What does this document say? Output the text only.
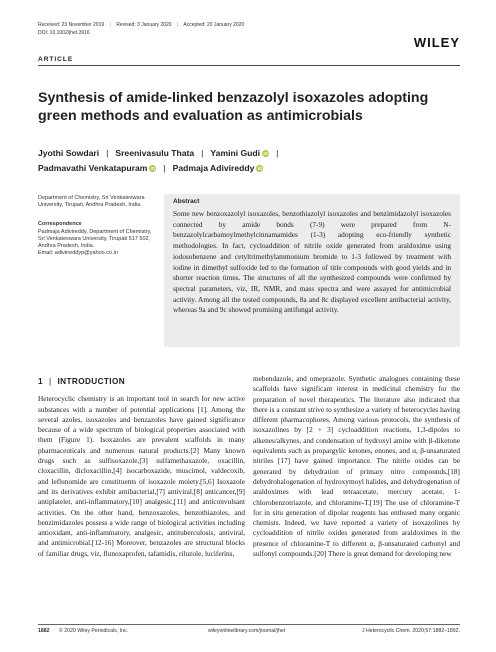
Received: 23 November 2019 | Revised: 3 January 2020 | Accepted: 20 January 2020
DOI: 10.1002/jhet.3916
WILEY
ARTICLE
Synthesis of amide-linked benzazolyl isoxazoles adopting green methods and evaluation as antimicrobials
Jyothi Sowdari | Sreenivasulu Thata | Yamini Gudi iD |
Padmavathi Venkatapuram iD | Padmaja Adivireddy iD
Department of Chemistry, Sri Venkateswara University, Tirupati, Andhra Pradesh, India
Correspondence
Padmaja Adivireddy, Department of Chemistry, Sri Venkateswara University, Tirupati 517 502, Andhra Pradesh, India.
Email: adiviireddyp@yahoo.co.in
Abstract

Some new benzoxazolyl isoxazoles, benzothiazolyl isoxazoles and benzimidazolyl isoxazoles connected by amide bonds (7-9) were prepared from N-benzazolylcarbamoylmethylcinnamamides (1-3) adopting eco-friendly synthetic methodologies. In fact, cycloaddition of nitrile oxide generated from araldoxime using iodosobenzene and cetyltrimethylammonium bromide to 1-3 followed by treatment with iodine in dimethyl sulfoxide led to the formation of title compounds with good yields and in shorter reaction times. The structures of all the synthesized compounds were confirmed by spectral parameters, viz, IR, NMR, and mass spectra and were assayed for antimicrobial activity. Among all the tested compounds, 8a and 8c displayed excellent antibacterial activity, whereas 9a and 9c showed promising antifungal activity.

1 | INTRODUCTION

Heterocyclic chemistry is an important tool in search for new active substances with a number of potential applications [1]. Among the several azoles, isoxazoles and benzazoles have gained significance because of a wide spectrum of biological properties associated with them (Figure 1). Isoxazoles are prevalent scaffolds in many pharmaceuticals and numerous natural products.[2] Many known drugs such as sulfisoxazole,[3] sulfamethaxazole, oxacillin, cloxacillin, dicloxacillin,[4] isocarboxazide, muscimol, valdecoxib, and leflunomide are constituents of isoxazole moiety.[5,6] Isoxazole and its derivatives exhibit antibacterial,[7] antiviral,[8] anticancer,[9] antiplatelet, anti-inflammatory,[10] analgesic,[11] and anticonvulsant activities. On the other hand, benzoxazoles, benzothiazoles, and benzimidazoles possess a wide range of biological activities including antioxidant, anti-inflammatory, analgesic, antituberculosis, antiviral, and antimicrobial.[12-16] Moreover, benzazoles are structural blocks of familiar drugs, viz, flunoxaprofen, tafamidis, riluzole, luciferins,

mebendazole, and omeprazole. Synthetic analogues containing these scaffolds have significant interest in medicinal chemistry for the preparation of novel therapeutics. The literature also indicated that there is a constant strive to synthesize a variety of heterocycles having different pharmacophores. Among various protocols, the synthesis of isoxazolines by [2 + 3] cycloaddition reactions, 1,3-dipoles to alkenes/alkynes, and condensation of hydroxyl amine with β-diketone equivalents such as propargylic ketones, enones, and α, β-unsaturated nitriles [17] have gained importance. The nitrile oxides can be generated by dehydration of primary nitro compounds,[18] dehydrohalogenation of hydroxymoyl halides, and dehydrogenation of araldoximes with lead tetraacetate, mercury acetate, 1-chlorobenzotriazole, and chloramine-T.[19] The use of chloramine-T for in situ generation of dipolar reagents has enthused many organic chemists. Indeed, we have reported a variety of isoxazolines by cycloaddition of nitrile oxides generated from araldoximes in the presence of chloramine-T to different α, β-unsaturated carbonyl and sulfonyl compounds.[20] There is great demand for developing new

1882 © 2020 Wiley Periodicals, Inc.	wileyonlinelibrary.com/journal/jhet	J Heterocyclic Chem. 2020;57:1882–1892.
